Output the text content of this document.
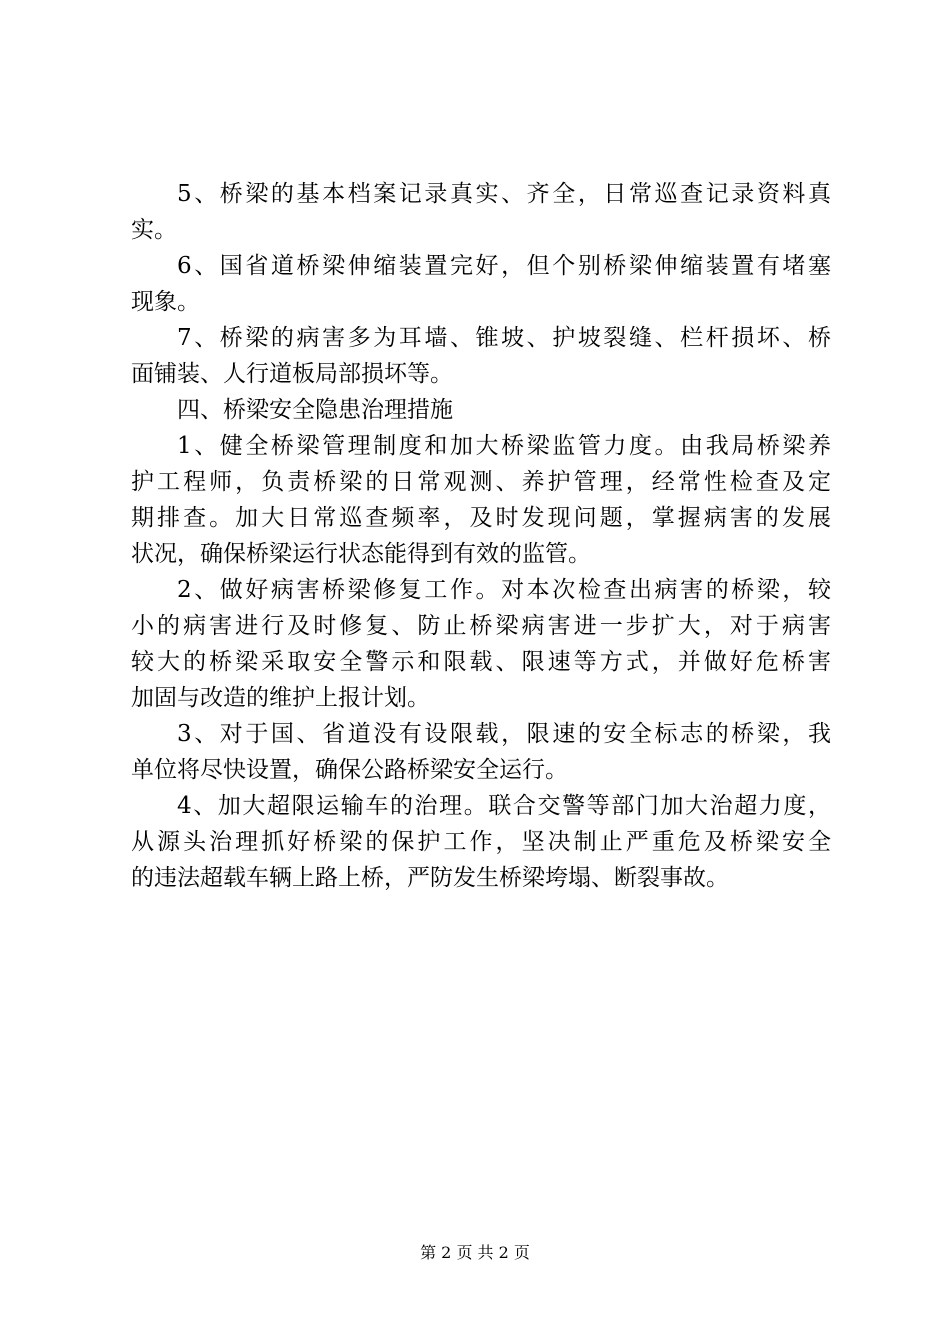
5、桥梁的基本档案记录真实、齐全，日常巡查记录资料真
实。
6、国省道桥梁伸缩装置完好，但个别桥梁伸缩装置有堵塞
现象。
7、桥梁的病害多为耳墙、锥坡、护坡裂缝、栏杆损坏、桥
面铺装、人行道板局部损坏等。
四、桥梁安全隐患治理措施
1、健全桥梁管理制度和加大桥梁监管力度。由我局桥梁养
护工程师，负责桥梁的日常观测、养护管理，经常性检查及定
期排查。加大日常巡查频率，及时发现问题，掌握病害的发展
状况，确保桥梁运行状态能得到有效的监管。
2、做好病害桥梁修复工作。对本次检查出病害的桥梁，较
小的病害进行及时修复、防止桥梁病害进一步扩大，对于病害
较大的桥梁采取安全警示和限载、限速等方式，并做好危桥害
加固与改造的维护上报计划。
3、对于国、省道没有设限载，限速的安全标志的桥梁，我
单位将尽快设置，确保公路桥梁安全运行。
4、加大超限运输车的治理。联合交警等部门加大治超力度，
从源头治理抓好桥梁的保护工作，坚决制止严重危及桥梁安全
的违法超载车辆上路上桥，严防发生桥梁垮塌、断裂事故。
第 2 页 共 2 页
